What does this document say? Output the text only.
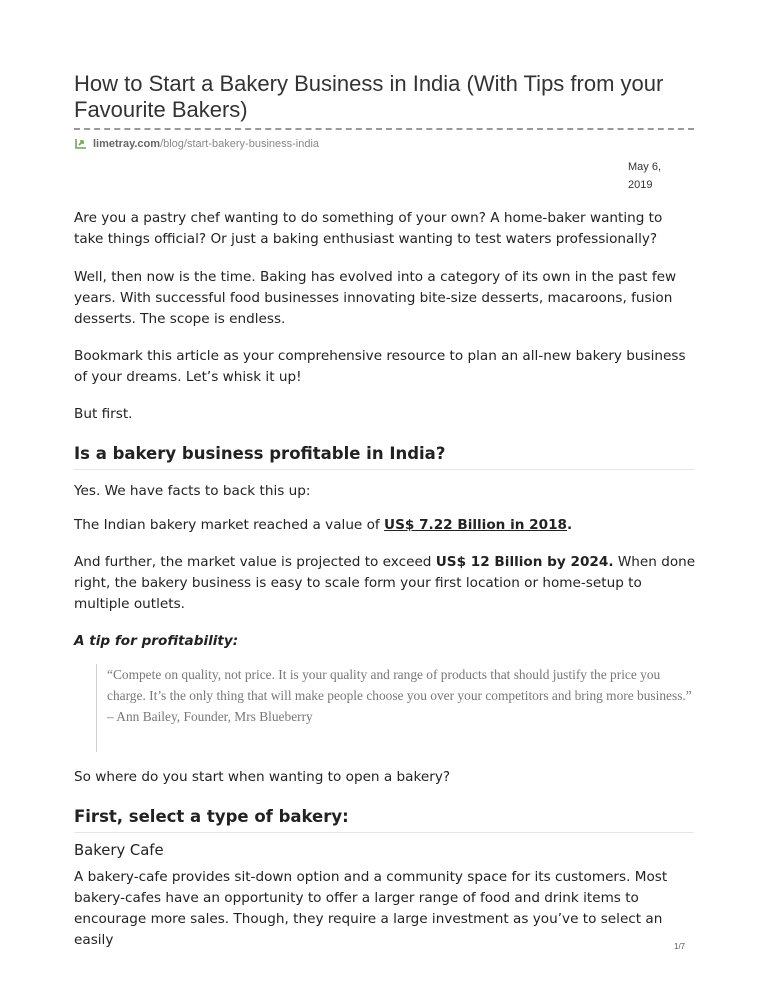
How to Start a Bakery Business in India (With Tips from your Favourite Bakers)
limetray.com /blog/start-bakery-business-india
May 6,
2019

Are you a pastry chef wanting to do something of your own? A home-baker wanting to take things official? Or just a baking enthusiast wanting to test waters professionally?

Well, then now is the time. Baking has evolved into a category of its own in the past few years. With successful food businesses innovating bite-size desserts, macaroons, fusion desserts. The scope is endless.

Bookmark this article as your comprehensive resource to plan an all-new bakery business of your dreams. Let’s whisk it up!

But first.

Is a bakery business profitable in India?

Yes. We have facts to back this up:

The Indian bakery market reached a value of US$ 7.22 Billion in 2018.

And further, the market value is projected to exceed US$ 12 Billion by 2024. When done right, the bakery business is easy to scale form your first location or home-setup to multiple outlets.

A tip for profitability:

“Compete on quality, not price. It is your quality and range of products that should justify the price you charge. It’s the only thing that will make people choose you over your competitors and bring more business.”

– Ann Bailey, Founder, Mrs Blueberry

So where do you start when wanting to open a bakery?

First, select a type of bakery:
Bakery Cafe

A bakery-cafe provides sit-down option and a community space for its customers. Most bakery-cafes have an opportunity to offer a larger range of food and drink items to encourage more sales. Though, they require a large investment as you’ve to select an easily	1/7
